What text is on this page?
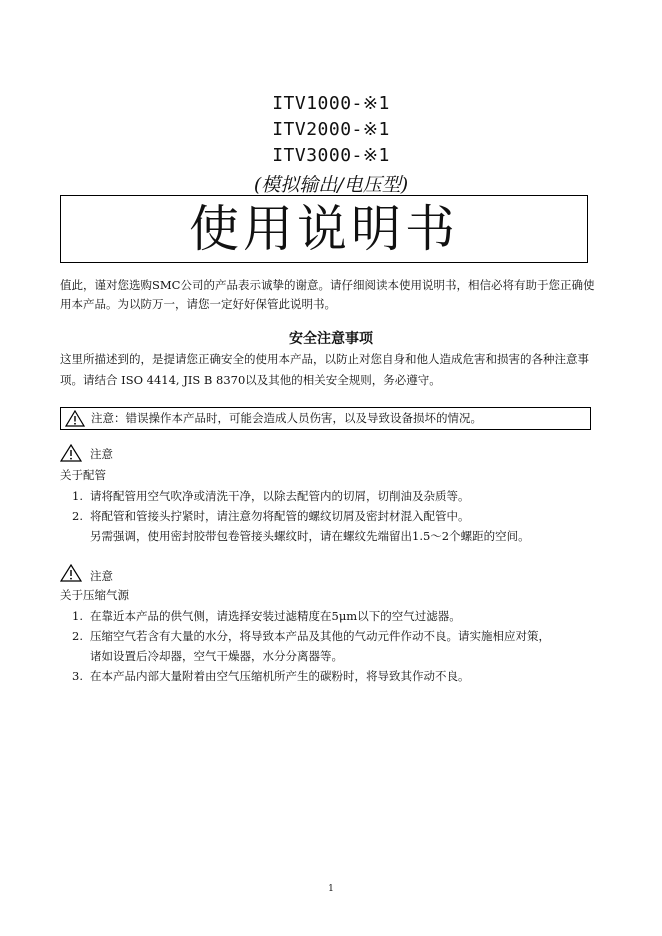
ITV1000-※1
ITV2000-※1
ITV3000-※1
(模拟输出/电压型)
使用说明书
值此，谨对您选购SMC公司的产品表示诚挚的谢意。请仔细阅读本使用说明书，相信必将有助于您正确使用本产品。为以防万一，请您一定好好保管此说明书。
安全注意事项
这里所描述到的，是提请您正确安全的使用本产品，以防止对您自身和他人造成危害和损害的各种注意事项。请结合 ISO 4414, JIS B 8370以及其他的相关安全规则，务必遵守。
注意：错误操作本产品时，可能会造成人员伤害，以及导致设备损坏的情况。
注意
关于配管
1. 请将配管用空气吹净或清洗干净，以除去配管内的切屑，切削油及杂质等。
2. 将配管和管接头拧紧时，请注意勿将配管的螺纹切屑及密封材混入配管中。
另需强调，使用密封胶带包卷管接头螺纹时，请在螺纹先端留出1.5～2个螺距的空间。
注意
关于压缩气源
1. 在靠近本产品的供气侧，请选择安装过滤精度在5μm以下的空气过滤器。
2. 压缩空气若含有大量的水分，将导致本产品及其他的气动元件作动不良。请实施相应对策，
诸如设置后冷却器，空气干燥器，水分分离器等。
3. 在本产品内部大量附着由空气压缩机所产生的碳粉时，将导致其作动不良。
1
